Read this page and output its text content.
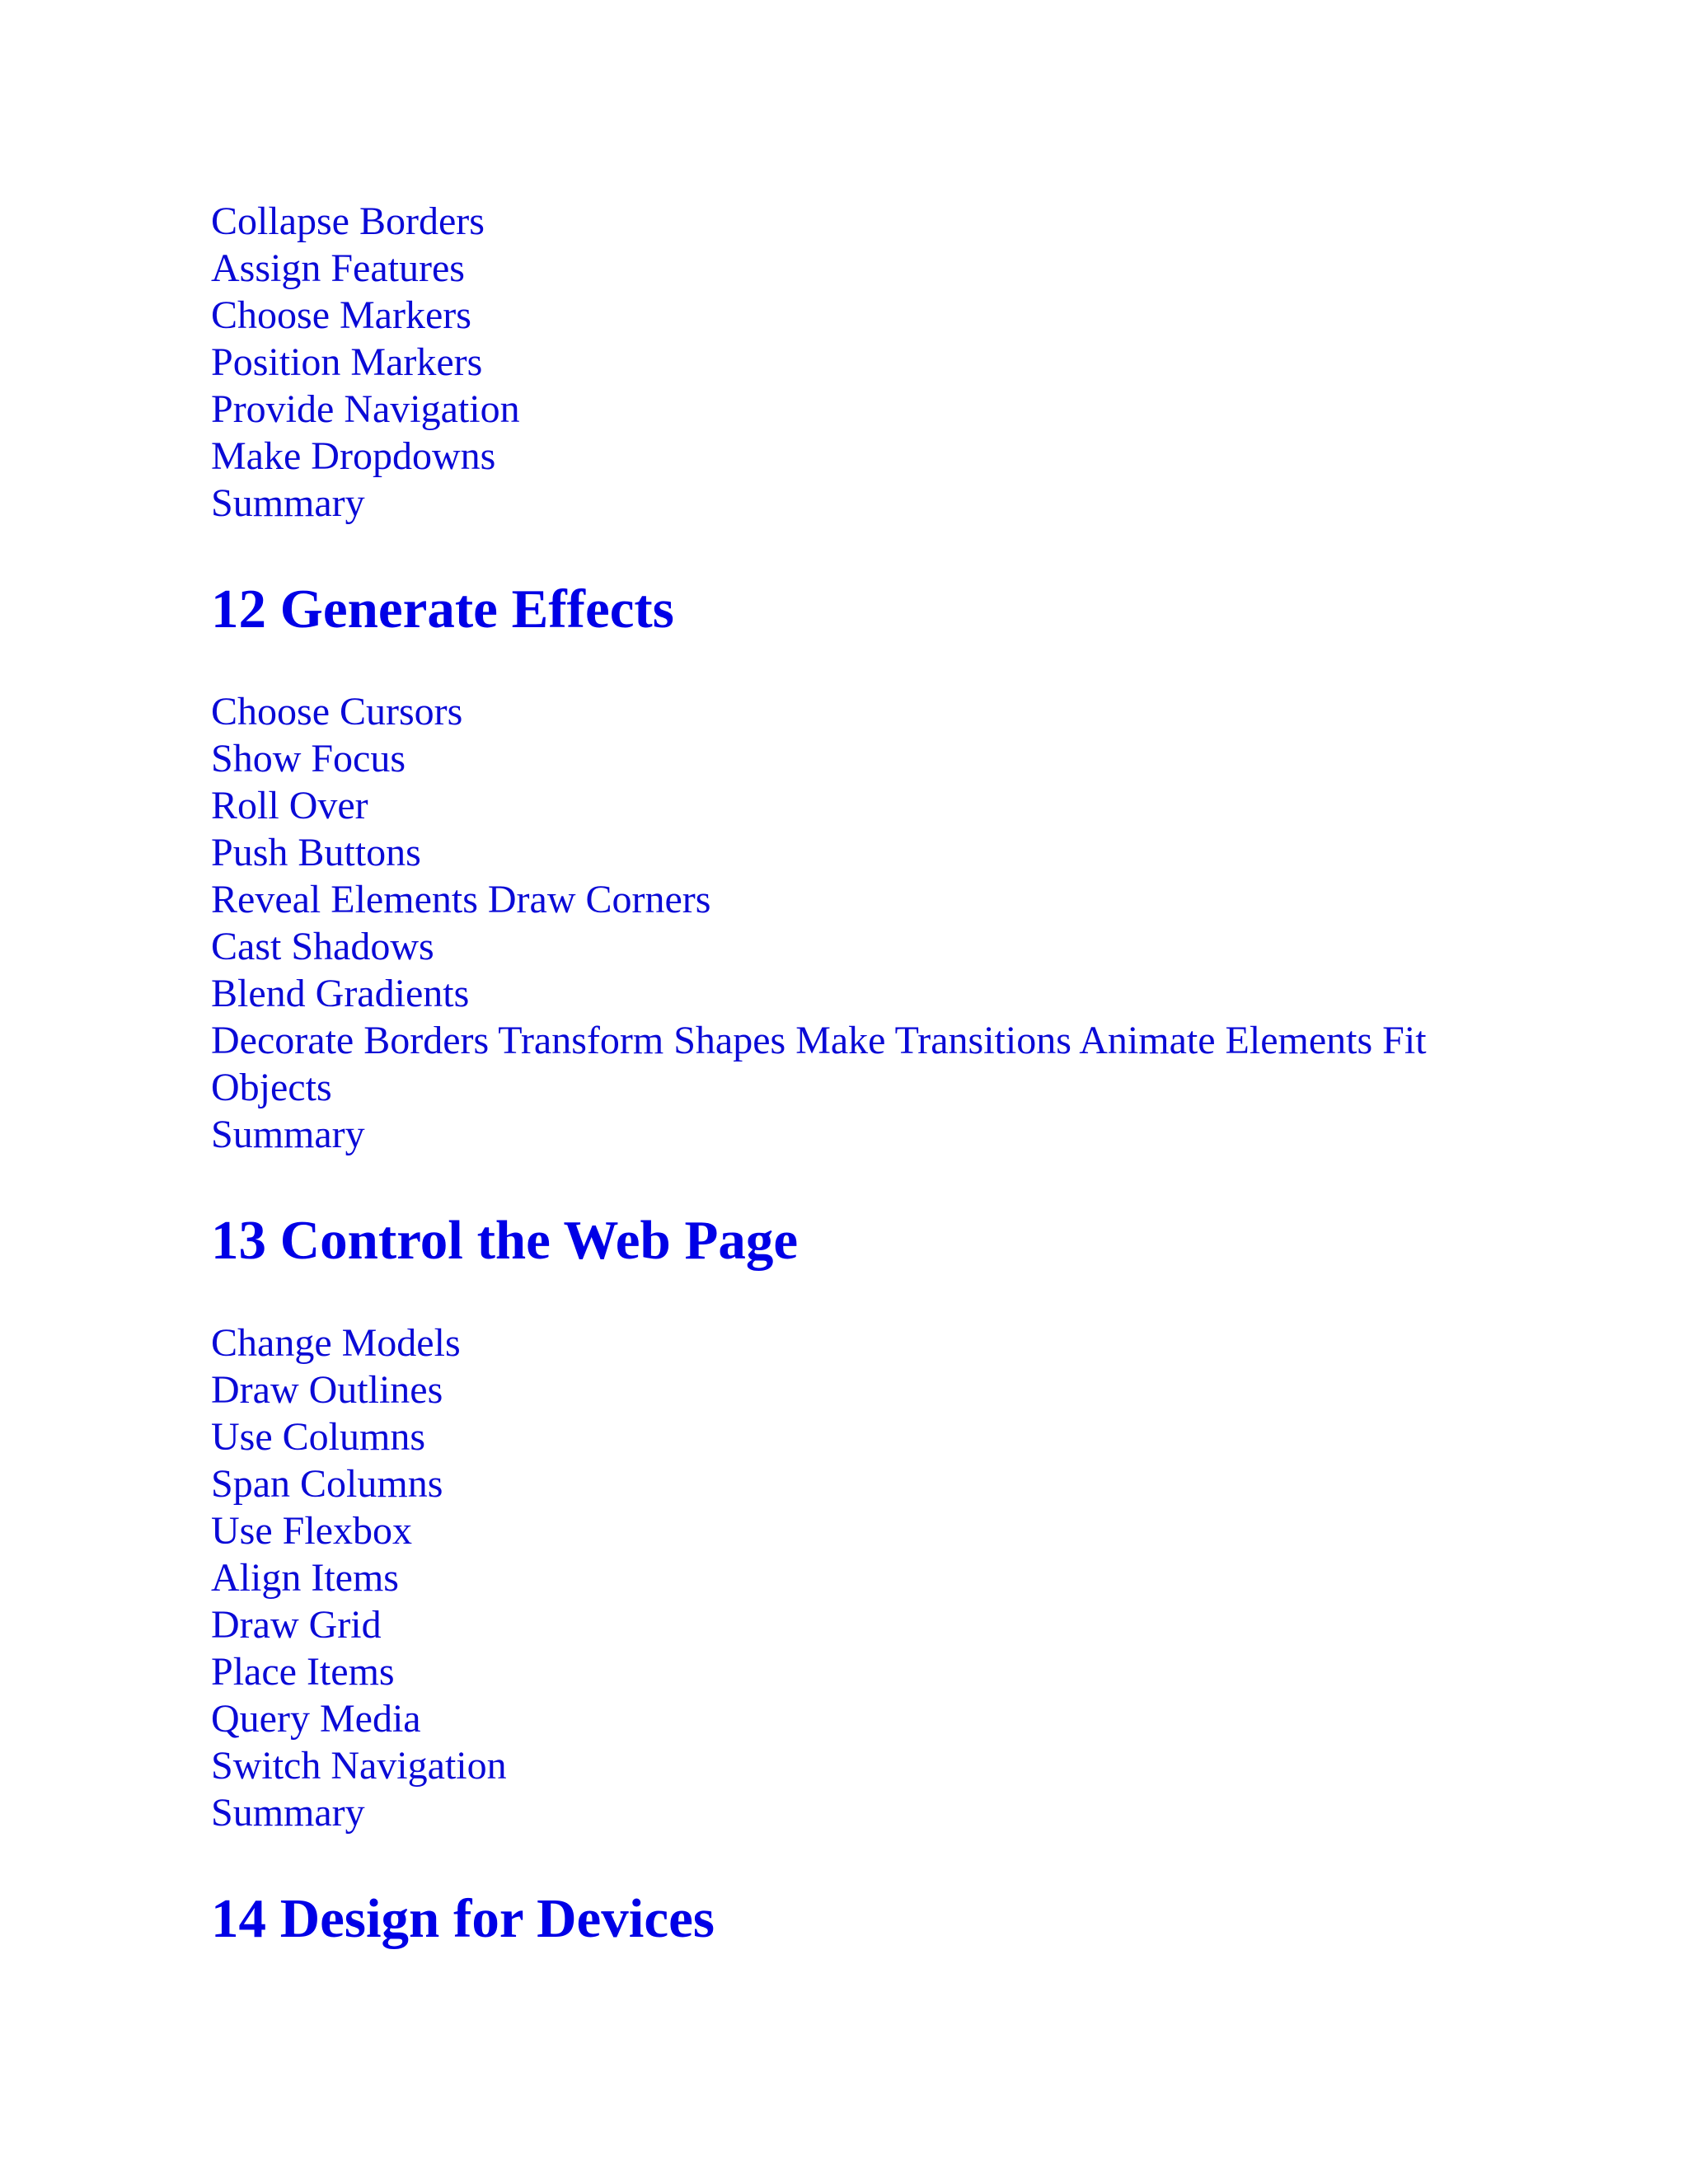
Collapse Borders
Assign Features
Choose Markers
Position Markers
Provide Navigation
Make Dropdowns
Summary
12 Generate Effects
Choose Cursors
Show Focus
Roll Over
Push Buttons
Reveal Elements Draw Corners
Cast Shadows
Blend Gradients
Decorate Borders Transform Shapes Make Transitions Animate Elements Fit Objects
Summary
13 Control the Web Page
Change Models
Draw Outlines
Use Columns
Span Columns
Use Flexbox
Align Items
Draw Grid
Place Items
Query Media
Switch Navigation
Summary
14 Design for Devices
